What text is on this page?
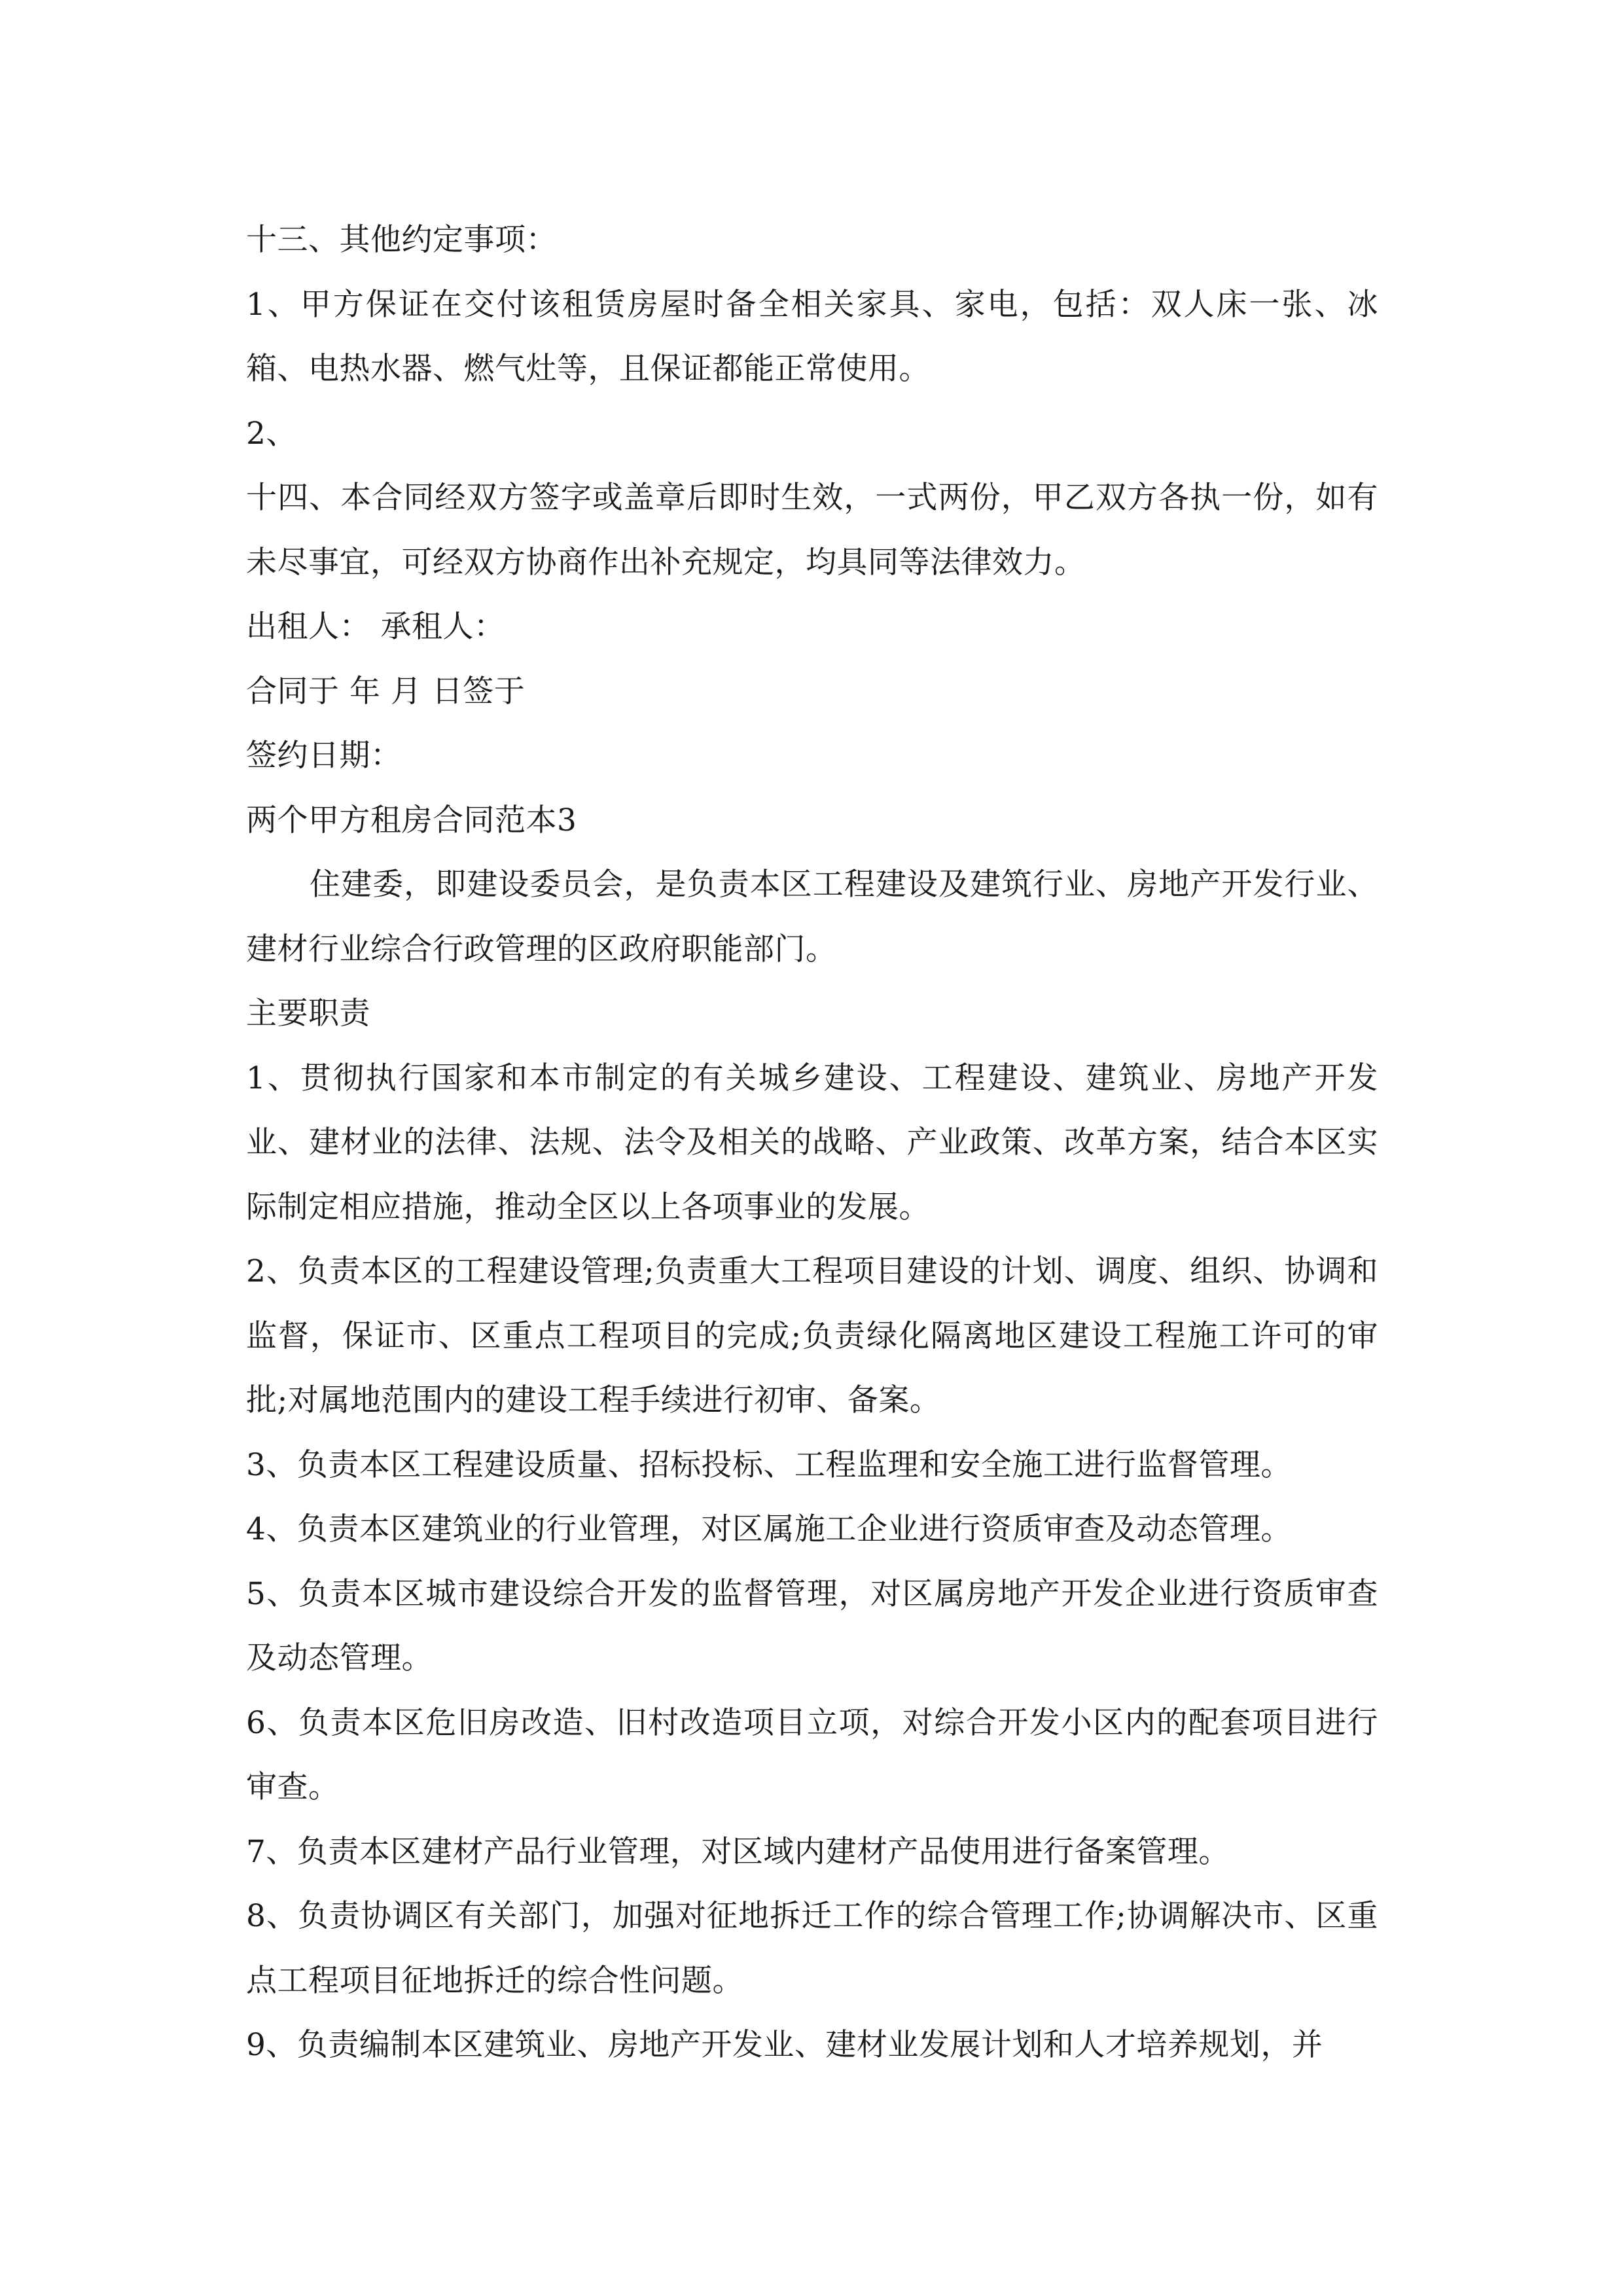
十三、其他约定事项：

1、甲方保证在交付该租赁房屋时备全相关家具、家电，包括：双人床一张、冰箱、电热水器、燃气灶等，且保证都能正常使用。

2、

十四、本合同经双方签字或盖章后即时生效，一式两份，甲乙双方各执一份，如有未尽事宜，可经双方协商作出补充规定，均具同等法律效力。

出租人： 承租人：

合同于 年 月 日签于

签约日期：

两个甲方租房合同范本3

住建委，即建设委员会，是负责本区工程建设及建筑行业、房地产开发行业、建材行业综合行政管理的区政府职能部门。

主要职责

1、贯彻执行国家和本市制定的有关城乡建设、工程建设、建筑业、房地产开发业、建材业的法律、法规、法令及相关的战略、产业政策、改革方案，结合本区实际制定相应措施，推动全区以上各项事业的发展。

2、负责本区的工程建设管理;负责重大工程项目建设的计划、调度、组织、协调和监督，保证市、区重点工程项目的完成;负责绿化隔离地区建设工程施工许可的审批;对属地范围内的建设工程手续进行初审、备案。

3、负责本区工程建设质量、招标投标、工程监理和安全施工进行监督管理。

4、负责本区建筑业的行业管理，对区属施工企业进行资质审查及动态管理。

5、负责本区城市建设综合开发的监督管理，对区属房地产开发企业进行资质审查及动态管理。

6、负责本区危旧房改造、旧村改造项目立项，对综合开发小区内的配套项目进行审查。

7、负责本区建材产品行业管理，对区域内建材产品使用进行备案管理。

8、负责协调区有关部门，加强对征地拆迁工作的综合管理工作;协调解决市、区重点工程项目征地拆迁的综合性问题。

9、负责编制本区建筑业、房地产开发业、建材业发展计划和人才培养规划，并
